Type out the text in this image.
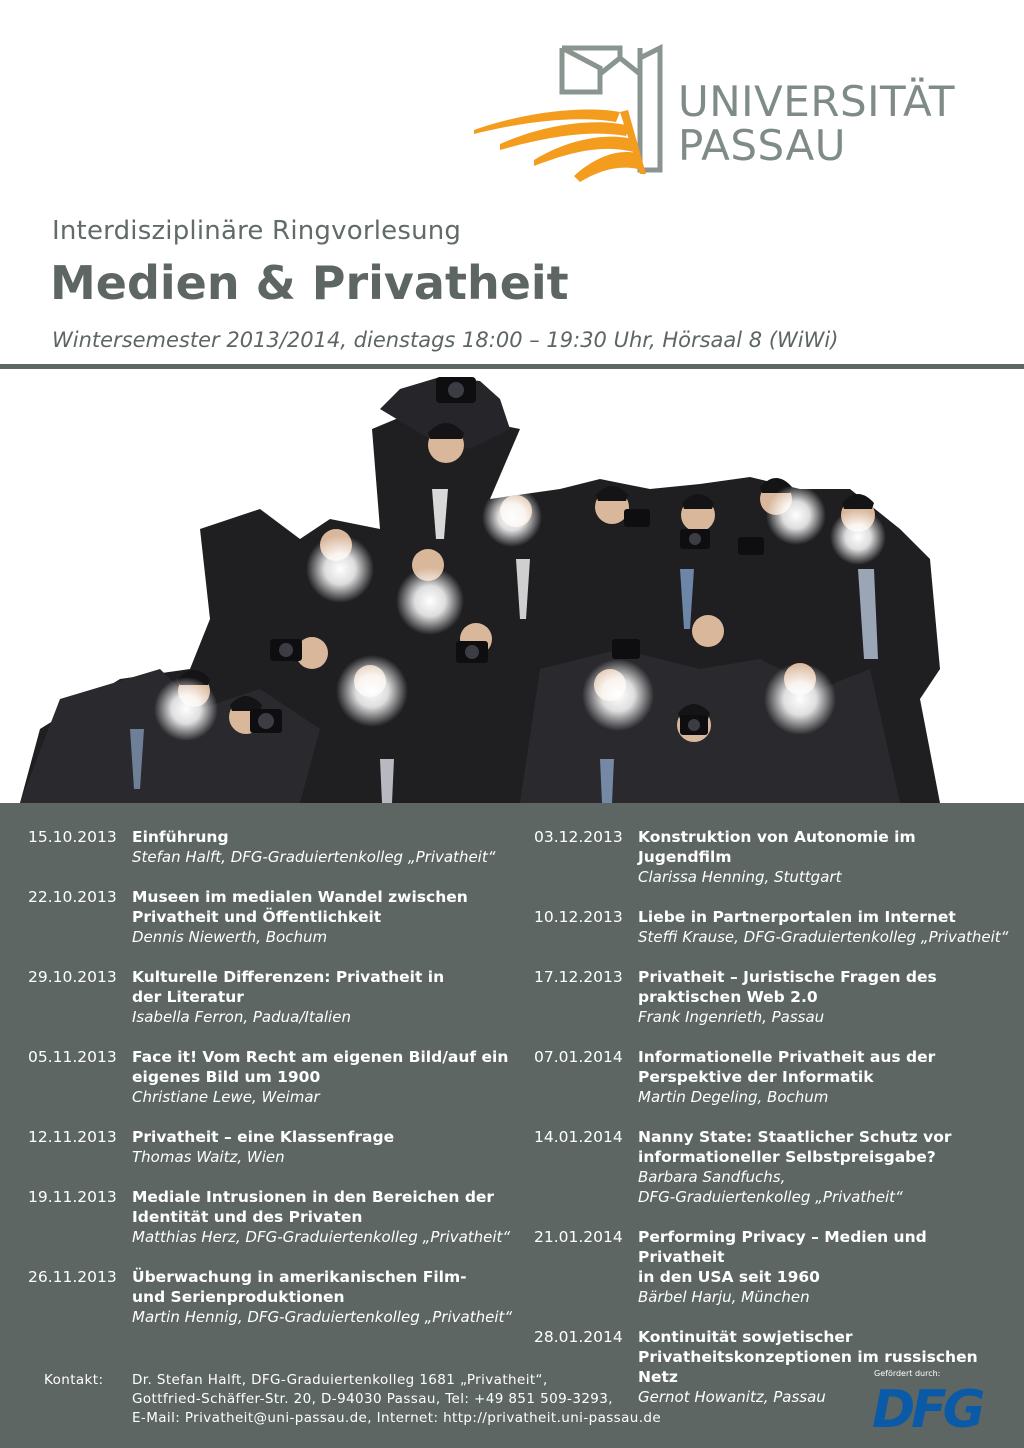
UNIVERSITÄT
PASSAU
Interdisziplinäre Ringvorlesung
Medien & Privatheit
Wintersemester 2013/2014, dienstags 18:00 – 19:30 Uhr, Hörsaal 8 (WiWi)
15.10.2013 Einführung
Stefan Halft, DFG-Graduiertenkolleg „Privatheit“
22.10.2013 Museen im medialen Wandel zwischen
Privatheit und Öffentlichkeit
Dennis Niewerth, Bochum
29.10.2013 Kulturelle Differenzen: Privatheit in
der Literatur
Isabella Ferron, Padua/Italien
05.11.2013 Face it! Vom Recht am eigenen Bild/auf ein
eigenes Bild um 1900
Christiane Lewe, Weimar
12.11.2013 Privatheit – eine Klassenfrage
Thomas Waitz, Wien
19.11.2013 Mediale Intrusionen in den Bereichen der
Identität und des Privaten
Matthias Herz, DFG-Graduiertenkolleg „Privatheit“
26.11.2013 Überwachung in amerikanischen Film-
und Serienproduktionen
Martin Hennig, DFG-Graduiertenkolleg „Privatheit“
03.12.2013 Konstruktion von Autonomie im Jugendfilm
Clarissa Henning, Stuttgart
10.12.2013 Liebe in Partnerportalen im Internet
Steffi Krause, DFG-Graduiertenkolleg „Privatheit“
17.12.2013 Privatheit – Juristische Fragen des
praktischen Web 2.0
Frank Ingenrieth, Passau
07.01.2014 Informationelle Privatheit aus der
Perspektive der Informatik
Martin Degeling, Bochum
14.01.2014 Nanny State: Staatlicher Schutz vor
informationeller Selbstpreisgabe?
Barbara Sandfuchs,
DFG-Graduiertenkolleg „Privatheit“
21.01.2014 Performing Privacy – Medien und Privatheit
in den USA seit 1960
Bärbel Harju, München
28.01.2014 Kontinuität sowjetischer
Privatheitskonzeptionen im russischen Netz
Gernot Howanitz, Passau
Kontakt: Dr. Stefan Halft, DFG-Graduiertenkolleg 1681 „Privatheit“,
Gottfried-Schäffer-Str. 20, D-94030 Passau, Tel: +49 851 509-3293,
E-Mail: Privatheit@uni-passau.de, Internet: http://privatheit.uni-passau.de
Gefördert durch:
DFG
